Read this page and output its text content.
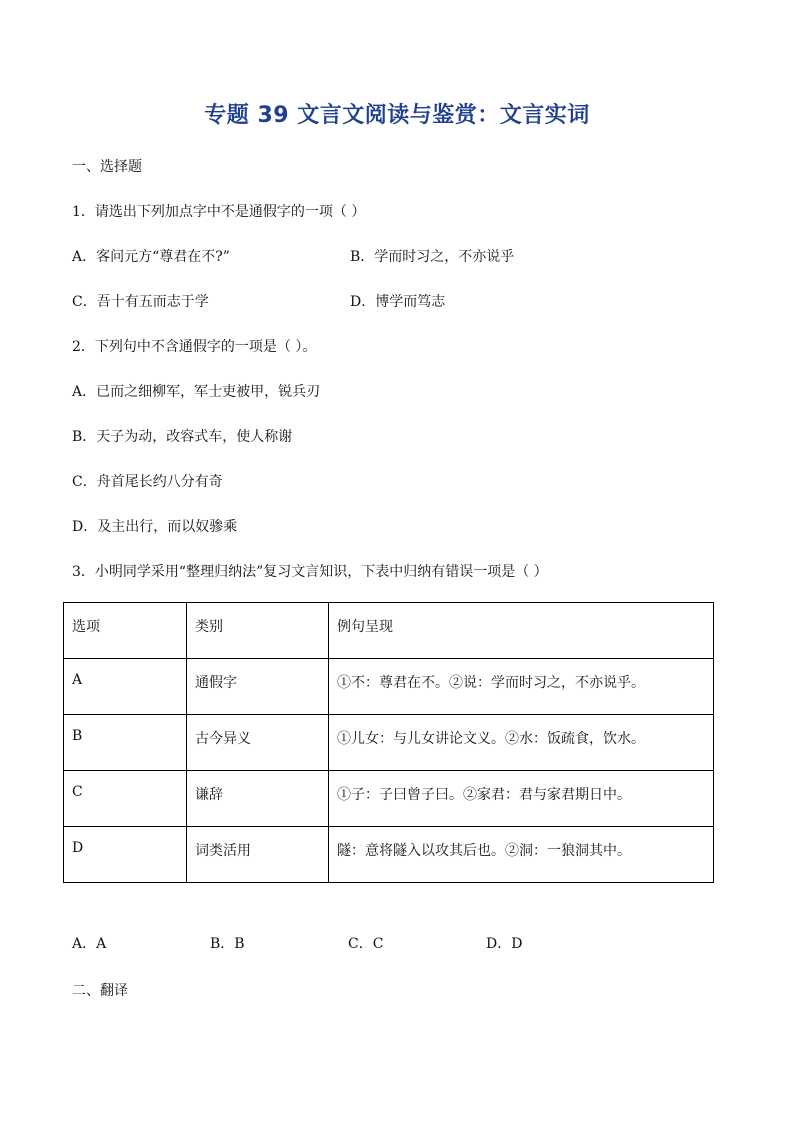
专题 39 文言文阅读与鉴赏：文言实词
一、选择题
1．请选出下列加点字中不是通假字的一项（ ）
A．客问元方“尊君在不?”	B．学而时习之，不亦说乎
C．吾十有五而志于学	D．博学而笃志
2．下列句中不含通假字的一项是（ ）。
A．已而之细柳军，军士吏被甲，锐兵刃
B．天子为动，改容式车，使人称谢
C．舟首尾长约八分有奇
D．及主出行，而以奴骖乘
3．小明同学采用“整理归纳法”复习文言知识，下表中归纳有错误一项是（ ）
选项	类别	例句呈现
A	通假字	①不：尊君在不。②说：学而时习之，不亦说乎。
B	古今异义	①儿女：与儿女讲论文义。②水：饭疏食，饮水。
C	谦辞	①子：子曰曾子曰。②家君：君与家君期日中。
D	词类活用	隧：意将隧入以攻其后也。②洞：一狼洞其中。
A．A	B．B	C．C	D．D
二、翻译
